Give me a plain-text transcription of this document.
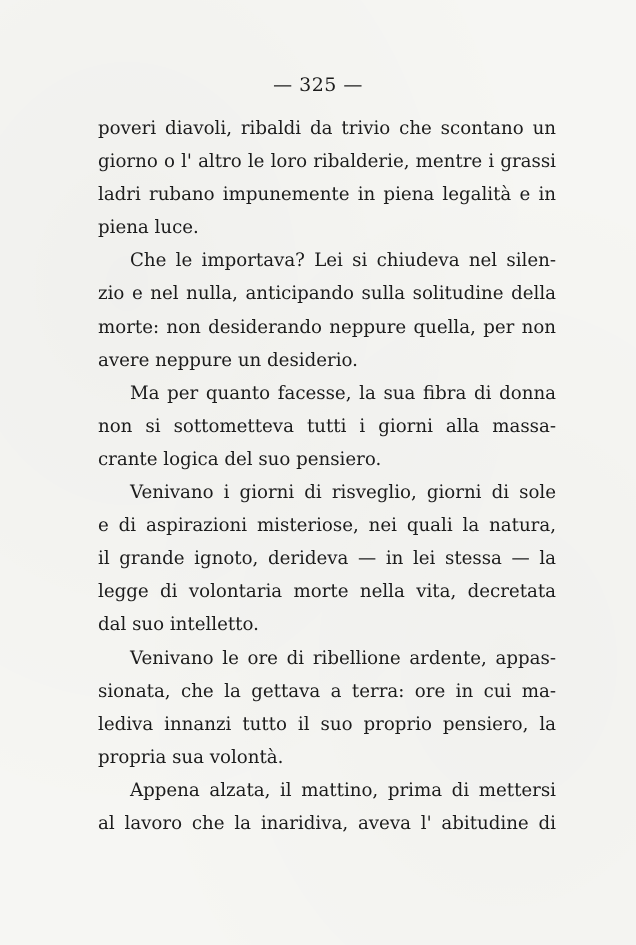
— 325 —
poveri diavoli, ribaldi da trivio che scontano un
giorno o l' altro le loro ribalderie, mentre i grassi
ladri rubano impunemente in piena legalità e in
piena luce.
Che le importava? Lei si chiudeva nel silen-
zio e nel nulla, anticipando sulla solitudine della
morte: non desiderando neppure quella, per non
avere neppure un desiderio.
Ma per quanto facesse, la sua fibra di donna
non si sottometteva tutti i giorni alla massa-
crante logica del suo pensiero.
Venivano i giorni di risveglio, giorni di sole
e di aspirazioni misteriose, nei quali la natura,
il grande ignoto, derideva — in lei stessa — la
legge di volontaria morte nella vita, decretata
dal suo intelletto.
Venivano le ore di ribellione ardente, appas-
sionata, che la gettava a terra: ore in cui ma-
lediva innanzi tutto il suo proprio pensiero, la
propria sua volontà.
Appena alzata, il mattino, prima di mettersi
al lavoro che la inaridiva, aveva l' abitudine di
